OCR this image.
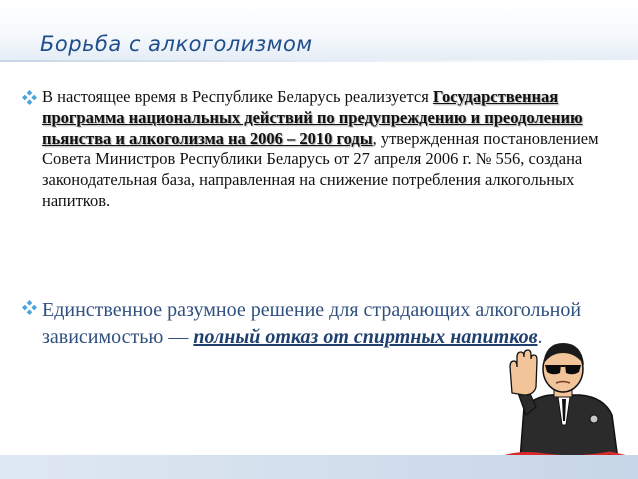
Борьба с алкоголизмом
В настоящее время в Республике Беларусь реализуется Государственная программа национальных действий по предупреждению и преодолению пьянства и алкоголизма на 2006 – 2010 годы, утвержденная постановлением Совета Министров Республики Беларусь от 27 апреля 2006 г. № 556, создана законодательная база, направленная на снижение потребления алкогольных напитков.
Единственное разумное решение для страдающих алкогольной зависимостью — полный отказ от спиртных напитков.
